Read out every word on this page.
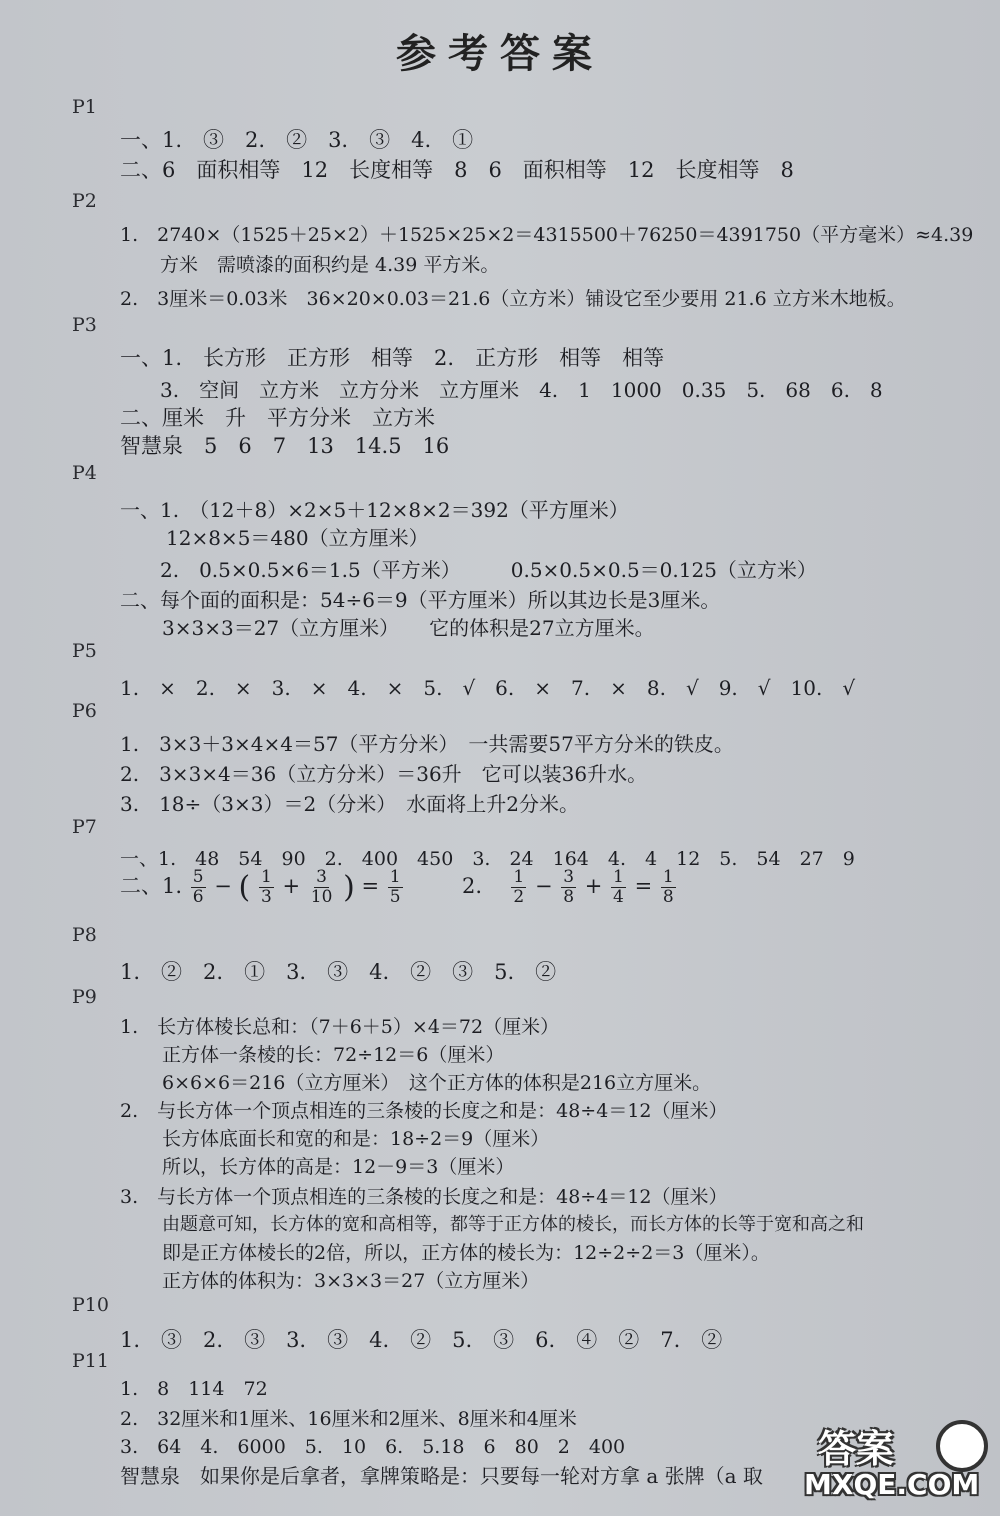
参考答案
P1
一、1.　③　2.　②　3.　③　4.　①
二、6　面积相等　12　长度相等　8　6　面积相等　12　长度相等　8
P2
1.　2740×（1525＋25×2）＋1525×25×2＝4315500＋76250＝4391750（平方毫米）≈4.39
方米　需喷漆的面积约是 4.39 平方米。
2.　3厘米＝0.03米　36×20×0.03＝21.6（立方米）铺设它至少要用 21.6 立方米木地板。
P3
一、1.　长方形　正方形　相等　2.　正方形　相等　相等
3.　空间　立方米　立方分米　立方厘米　4.　1　1000　0.35　5.　68　6.　8
二、厘米　升　平方分米　立方米
智慧泉　5　6　7　13　14.5　16
P4
一、1.　（12＋8）×2×5＋12×8×2＝392（平方厘米）
12×8×5＝480（立方厘米）
2.　0.5×0.5×6＝1.5（平方米）　　　0.5×0.5×0.5＝0.125（立方米）
二、每个面的面积是：54÷6＝9（平方厘米）所以其边长是3厘米。
3×3×3＝27（立方厘米）　　它的体积是27立方厘米。
P5
1.　×　2.　×　3.　×　4.　×　5.　√　6.　×　7.　×　8.　√　9.　√　10.　√
P6
1.　3×3＋3×4×4＝57（平方分米）　一共需要57平方分米的铁皮。
2.　3×3×4＝36（立方分米）＝36升　它可以装36升水。
3.　18÷（3×3）＝2（分米）　水面将上升2分米。
P7
一、1.　48　54　90　2.　400　450　3.　24　164　4.　4　12　5.　54　27　9
二、1. $\frac{5}{6}$ − ( $\frac{1}{3} + \frac{3}{10}$ ) = $\frac{1}{5}$	2. $\frac{1}{2} - \frac{3}{8} + \frac{1}{4} = \frac{1}{8}$
P8
1.　②　2.　①　3.　③　4.　②　③　5.　②
P9
1.　长方体棱长总和：（7＋6＋5）×4＝72（厘米）
正方体一条棱的长：72÷12＝6（厘米）
6×6×6＝216（立方厘米）　这个正方体的体积是216立方厘米。
2.　与长方体一个顶点相连的三条棱的长度之和是：48÷4＝12（厘米）
长方体底面长和宽的和是：18÷2＝9（厘米）
所以，长方体的高是：12－9＝3（厘米）
3.　与长方体一个顶点相连的三条棱的长度之和是：48÷4＝12（厘米）
由题意可知，长方体的宽和高相等，都等于正方体的棱长，而长方体的长等于宽和高之和
即是正方体棱长的2倍，所以，正方体的棱长为：12÷2÷2＝3（厘米）。
正方体的体积为：3×3×3＝27（立方厘米）
P10
1.　③　2.　③　3.　③　4.　②　5.　③　6.　④　②　7.　②
P11
1.　8　114　72
2.　32厘米和1厘米、16厘米和2厘米、8厘米和4厘米
3.　64　4.　6000　5.　10　6.　5.18　6　80　2　400
智慧泉　如果你是后拿者，拿牌策略是：只要每一轮对方拿 a 张牌（a 取
答案
MXQE.COM
